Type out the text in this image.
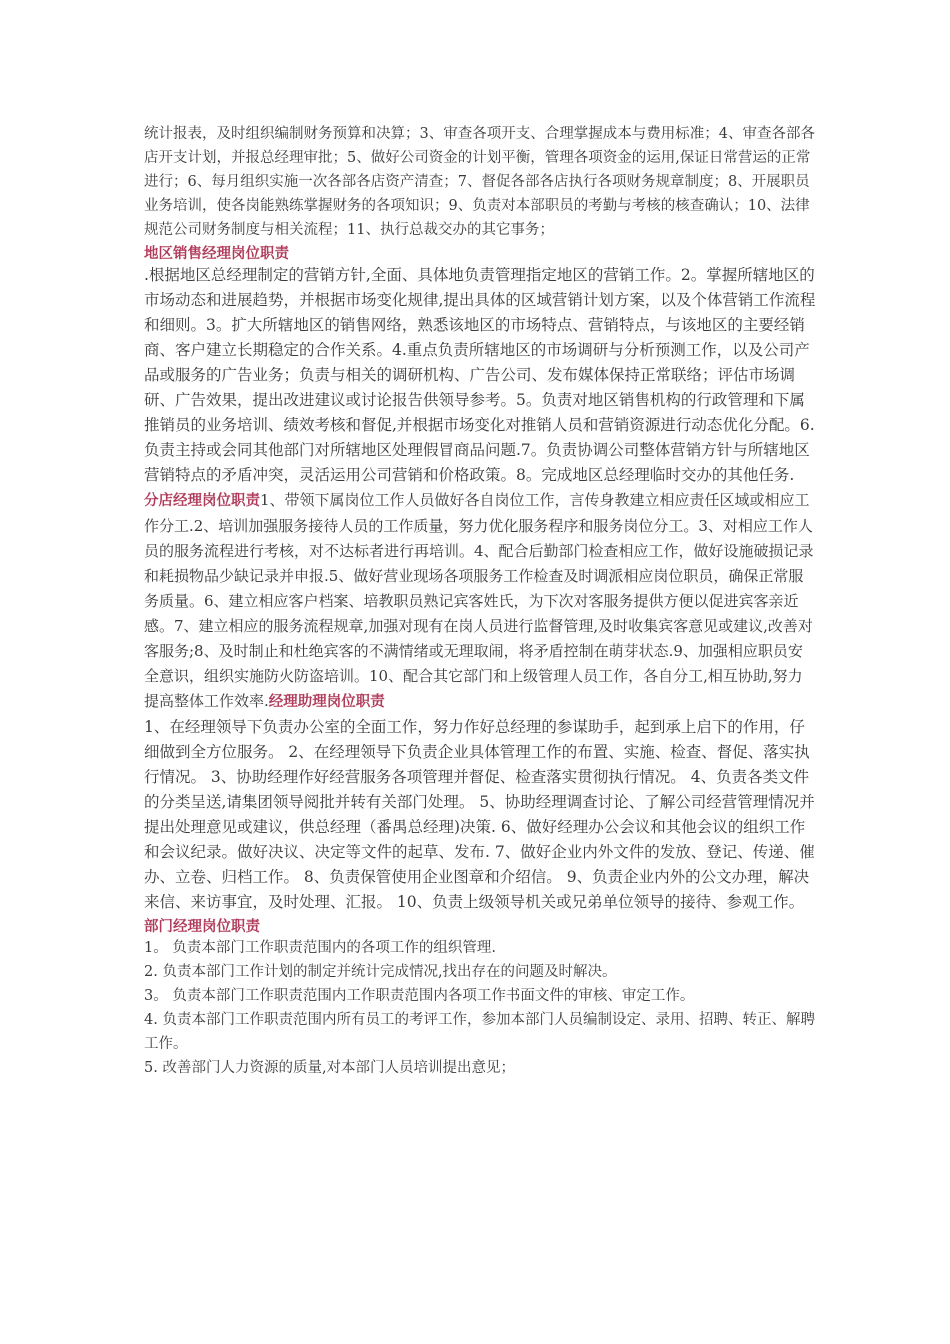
统计报表，及时组织编制财务预算和决算；3、审查各项开支、合理掌握成本与费用标准；4、审查各部各店开支计划，并报总经理审批；5、做好公司资金的计划平衡，管理各项资金的运用,保证日常营运的正常进行；6、每月组织实施一次各部各店资产清查；7、督促各部各店执行各项财务规章制度；8、开展职员业务培训，使各岗能熟练掌握财务的各项知识；9、负责对本部职员的考勤与考核的核查确认；10、法律规范公司财务制度与相关流程；11、执行总裁交办的其它事务；

地区销售经理岗位职责

.根据地区总经理制定的营销方针,全面、具体地负责管理指定地区的营销工作。2。掌握所辖地区的市场动态和进展趋势，并根据市场变化规律,提出具体的区域营销计划方案，以及个体营销工作流程和细则。3。扩大所辖地区的销售网络，熟悉该地区的市场特点、营销特点，与该地区的主要经销商、客户建立长期稳定的合作关系。4.重点负责所辖地区的市场调研与分析预测工作，以及公司产品或服务的广告业务；负责与相关的调研机构、广告公司、发布媒体保持正常联络；评估市场调研、广告效果，提出改进建议或讨论报告供领导参考。5。负责对地区销售机构的行政管理和下属推销员的业务培训、绩效考核和督促,并根据市场变化对推销人员和营销资源进行动态优化分配。6.负责主持或会同其他部门对所辖地区处理假冒商品问题.7。负责协调公司整体营销方针与所辖地区营销特点的矛盾冲突，灵活运用公司营销和价格政策。8。完成地区总经理临时交办的其他任务.

分店经理岗位职责1、带领下属岗位工作人员做好各自岗位工作，言传身教建立相应责任区域或相应工作分工.2、培训加强服务接待人员的工作质量，努力优化服务程序和服务岗位分工。3、对相应工作人员的服务流程进行考核，对不达标者进行再培训。4、配合后勤部门检查相应工作，做好设施破损记录和耗损物品少缺记录并申报.5、做好营业现场各项服务工作检查及时调派相应岗位职员，确保正常服务质量。6、建立相应客户档案、培教职员熟记宾客姓氏，为下次对客服务提供方便以促进宾客亲近感。7、建立相应的服务流程规章,加强对现有在岗人员进行监督管理,及时收集宾客意见或建议,改善对客服务;8、及时制止和杜绝宾客的不满情绪或无理取闹，将矛盾控制在萌芽状态.9、加强相应职员安全意识，组织实施防火防盗培训。10、配合其它部门和上级管理人员工作，各自分工,相互协助,努力提高整体工作效率.经理助理岗位职责

1、在经理领导下负责办公室的全面工作，努力作好总经理的参谋助手，起到承上启下的作用，仔细做到全方位服务。 2、在经理领导下负责企业具体管理工作的布置、实施、检查、督促、落实执行情况。 3、协助经理作好经营服务各项管理并督促、检查落实贯彻执行情况。 4、负责各类文件的分类呈送,请集团领导阅批并转有关部门处理。 5、协助经理调查讨论、了解公司经营管理情况并提出处理意见或建议，供总经理（番禺总经理)决策. 6、做好经理办公会议和其他会议的组织工作和会议纪录。做好决议、决定等文件的起草、发布. 7、做好企业内外文件的发放、登记、传递、催办、立卷、归档工作。 8、负责保管使用企业图章和介绍信。 9、负责企业内外的公文办理，解决来信、来访事宜，及时处理、汇报。 10、负责上级领导机关或兄弟单位领导的接待、参观工作。

部门经理岗位职责

1。 负责本部门工作职责范围内的各项工作的组织管理.

2. 负责本部门工作计划的制定并统计完成情况,找出存在的问题及时解决。

3。 负责本部门工作职责范围内工作职责范围内各项工作书面文件的审核、审定工作。

4. 负责本部门工作职责范围内所有员工的考评工作，参加本部门人员编制设定、录用、招聘、转正、解聘工作。

5. 改善部门人力资源的质量,对本部门人员培训提出意见；
